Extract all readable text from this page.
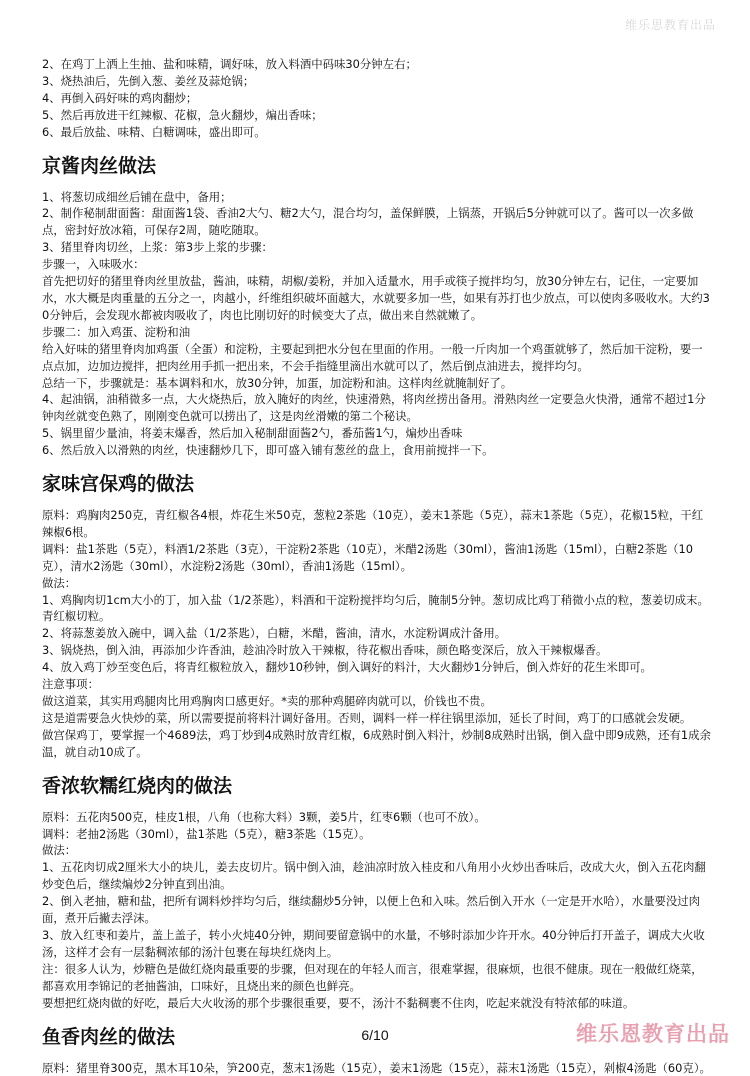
维乐思教育出品

2、在鸡丁上洒上生抽、盐和味精，调好味，放入料酒中码味30分钟左右；

3、烧热油后，先倒入葱、姜丝及蒜炝锅；

4、再倒入码好味的鸡肉翻炒；

5、然后再放进干红辣椒、花椒，急火翻炒，煸出香味；

6、最后放盐、味精、白糖调味，盛出即可。

京酱肉丝做法

1、将葱切成细丝后铺在盘中，备用；

2、制作秘制甜面酱：甜面酱1袋、香油2大勺、糖2大勺，混合均匀，盖保鲜膜，上锅蒸，开锅后5分钟就可以了。酱可以一次多做点，密封好放冰箱，可保存2周，随吃随取。

3、猪里脊肉切丝，上浆：第3步上浆的步骤：

步骤一，入味吸水：

首先把切好的猪里脊肉丝里放盐，酱油，味精，胡椒/姜粉，并加入适量水，用手或筷子搅拌均匀，放30分钟左右，记住，一定要加水，水大概是肉重量的五分之一，肉越小，纤维组织破坏面越大，水就要多加一些，如果有苏打也少放点，可以使肉多吸收水。大约30分钟后，会发现水都被肉吸收了，肉也比刚切好的时候变大了点，做出来自然就嫩了。

步骤二：加入鸡蛋、淀粉和油

给入好味的猪里脊肉加鸡蛋（全蛋）和淀粉，主要起到把水分包在里面的作用。一般一斤肉加一个鸡蛋就够了，然后加干淀粉，要一点点加，边加边搅拌，把肉丝用手抓一把出来，不会手指缝里滴出水就可以了，然后倒点油进去，搅拌均匀。

总结一下，步骤就是：基本调料和水，放30分钟，加蛋，加淀粉和油。这样肉丝就腌制好了。

4、起油锅，油稍微多一点，大火烧热后，放入腌好的肉丝，快速滑熟，将肉丝捞出备用。滑熟肉丝一定要急火快滑，通常不超过1分钟肉丝就变色熟了，刚刚变色就可以捞出了，这是肉丝滑嫩的第二个秘诀。

5、锅里留少量油，将姜末爆香，然后加入秘制甜面酱2勺，番茄酱1勺，煸炒出香味

6、然后放入以滑熟的肉丝，快速翻炒几下，即可盛入铺有葱丝的盘上，食用前搅拌一下。

家味宫保鸡的做法

原料：鸡胸肉250克，青红椒各4根，炸花生米50克，葱粒2茶匙（10克），姜末1茶匙（5克），蒜末1茶匙（5克），花椒15粒，干红辣椒6根。

调料：盐1茶匙（5克），料酒1/2茶匙（3克），干淀粉2茶匙（10克），米醋2汤匙（30ml），酱油1汤匙（15ml），白糖2茶匙（10克），清水2汤匙（30ml），水淀粉2汤匙（30ml），香油1汤匙（15ml）。

做法：

1、鸡胸肉切1cm大小的丁，加入盐（1/2茶匙），料酒和干淀粉搅拌均匀后，腌制5分钟。葱切成比鸡丁稍微小点的粒，葱姜切成末。青红椒切粒。

2、将蒜葱姜放入碗中，调入盐（1/2茶匙），白糖，米醋，酱油，清水，水淀粉调成汁备用。

3、锅烧热，倒入油，再添加少许香油，趁油冷时放入干辣椒，待花椒出香味，颜色略变深后，放入干辣椒爆香。

4、放入鸡丁炒至变色后，将青红椒粒放入，翻炒10秒钟，倒入调好的料汁，大火翻炒1分钟后，倒入炸好的花生米即可。

注意事项：

做这道菜，其实用鸡腿肉比用鸡胸肉口感更好。*卖的那种鸡腿碎肉就可以，价钱也不贵。

这是道需要急火快炒的菜，所以需要提前将料汁调好备用。否则，调料一样一样往锅里添加，延长了时间，鸡丁的口感就会发硬。

做宫保鸡丁，要掌握一个4689法，鸡丁炒到4成熟时放青红椒，6成熟时倒入料汁，炒制8成熟时出锅，倒入盘中即9成熟，还有1成余温，就自动10成了。

香浓软糯红烧肉的做法

原料：五花肉500克，桂皮1根，八角（也称大料）3颗，姜5片，红枣6颗（也可不放）。

调料：老抽2汤匙（30ml），盐1茶匙（5克），糖3茶匙（15克）。

做法：

1、五花肉切成2厘米大小的块儿，姜去皮切片。锅中倒入油，趁油凉时放入桂皮和八角用小火炒出香味后，改成大火，倒入五花肉翻炒变色后，继续煸炒2分钟直到出油。

2、倒入老抽，糖和盐，把所有调料炒拌均匀后，继续翻炒5分钟，以便上色和入味。然后倒入开水（一定是开水哈），水量要没过肉面，煮开后撇去浮沫。

3、放入红枣和姜片，盖上盖子，转小火炖40分钟，期间要留意锅中的水量，不够时添加少许开水。40分钟后打开盖子，调成大火收汤，这样才会有一层黏稠浓郁的汤汁包裹在每块红烧肉上。

注：很多人认为，炒糖色是做红烧肉最重要的步骤，但对现在的年轻人而言，很难掌握，很麻烦，也很不健康。现在一般做红烧菜，都喜欢用李锦记的老抽酱油，口味好，且烧出来的颜色也鲜亮。

要想把红烧肉做的好吃，最后大火收汤的那个步骤很重要，要不，汤汁不黏稠裹不住肉，吃起来就没有特浓郁的味道。

鱼香肉丝的做法

原料：猪里脊300克，黑木耳10朵，笋200克，葱末1汤匙（15克），姜末1汤匙（15克），蒜末1汤匙（15克），剁椒4汤匙（60克）。

6/10	维乐恩教育出品
